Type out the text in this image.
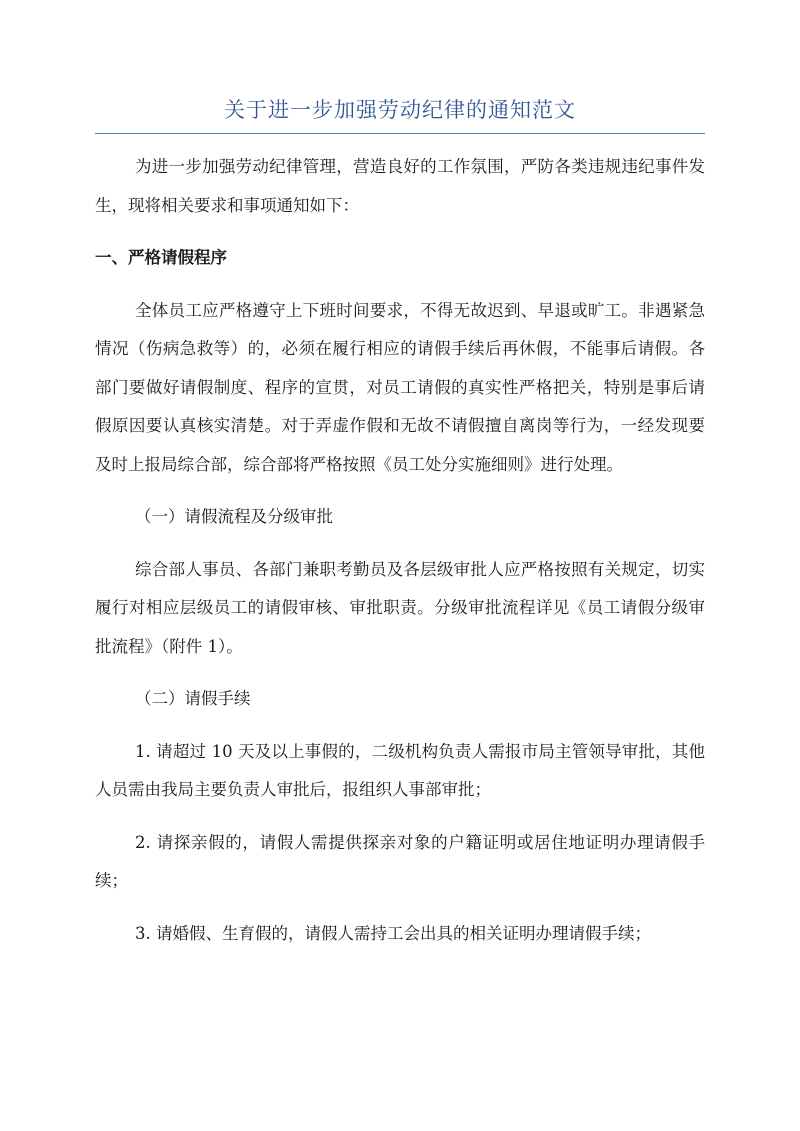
关于进一步加强劳动纪律的通知范文

为进一步加强劳动纪律管理，营造良好的工作氛围，严防各类违规违纪事件发生，现将相关要求和事项通知如下：

一、严格请假程序

全体员工应严格遵守上下班时间要求，不得无故迟到、早退或旷工。非遇紧急情况（伤病急救等）的，必须在履行相应的请假手续后再休假，不能事后请假。各部门要做好请假制度、程序的宣贯，对员工请假的真实性严格把关，特别是事后请假原因要认真核实清楚。对于弄虚作假和无故不请假擅自离岗等行为，一经发现要及时上报局综合部，综合部将严格按照《员工处分实施细则》进行处理。

（一）请假流程及分级审批

综合部人事员、各部门兼职考勤员及各层级审批人应严格按照有关规定，切实履行对相应层级员工的请假审核、审批职责。分级审批流程详见《员工请假分级审批流程》（附件 1）。

（二）请假手续

1. 请超过 10 天及以上事假的，二级机构负责人需报市局主管领导审批，其他人员需由我局主要负责人审批后，报组织人事部审批；

2. 请探亲假的，请假人需提供探亲对象的户籍证明或居住地证明办理请假手续；

3. 请婚假、生育假的，请假人需持工会出具的相关证明办理请假手续；
